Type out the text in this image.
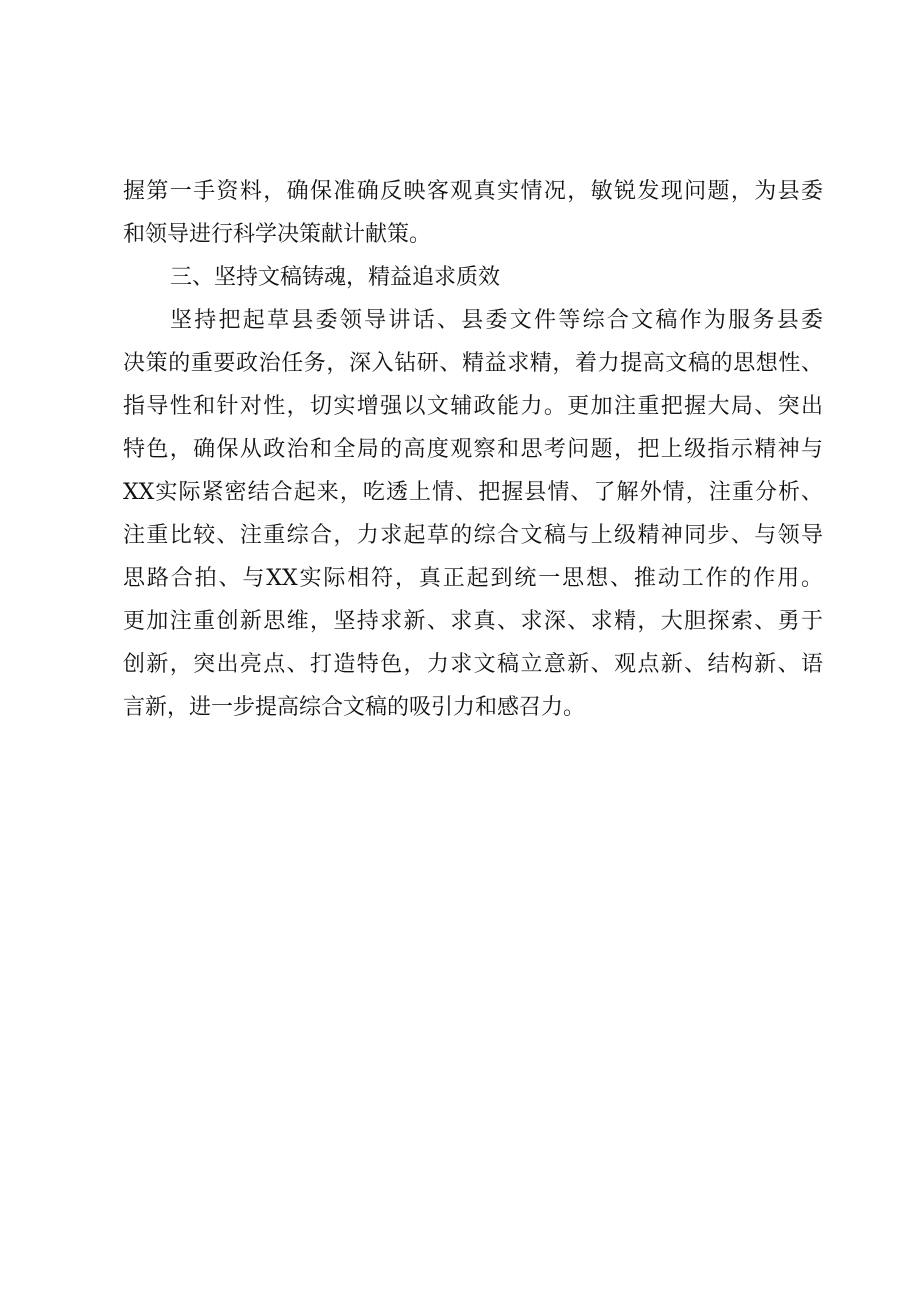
握第一手资料，确保准确反映客观真实情况，敏锐发现问题，为县委

和领导进行科学决策献计献策。

三、坚持文稿铸魂，精益追求质效

坚持把起草县委领导讲话、县委文件等综合文稿作为服务县委

决策的重要政治任务，深入钻研、精益求精，着力提高文稿的思想性、

指导性和针对性，切实增强以文辅政能力。更加注重把握大局、突出

特色，确保从政治和全局的高度观察和思考问题，把上级指示精神与

XX实际紧密结合起来，吃透上情、把握县情、了解外情，注重分析、

注重比较、注重综合，力求起草的综合文稿与上级精神同步、与领导

思路合拍、与XX实际相符，真正起到统一思想、推动工作的作用。

更加注重创新思维，坚持求新、求真、求深、求精，大胆探索、勇于

创新，突出亮点、打造特色，力求文稿立意新、观点新、结构新、语

言新，进一步提高综合文稿的吸引力和感召力。
